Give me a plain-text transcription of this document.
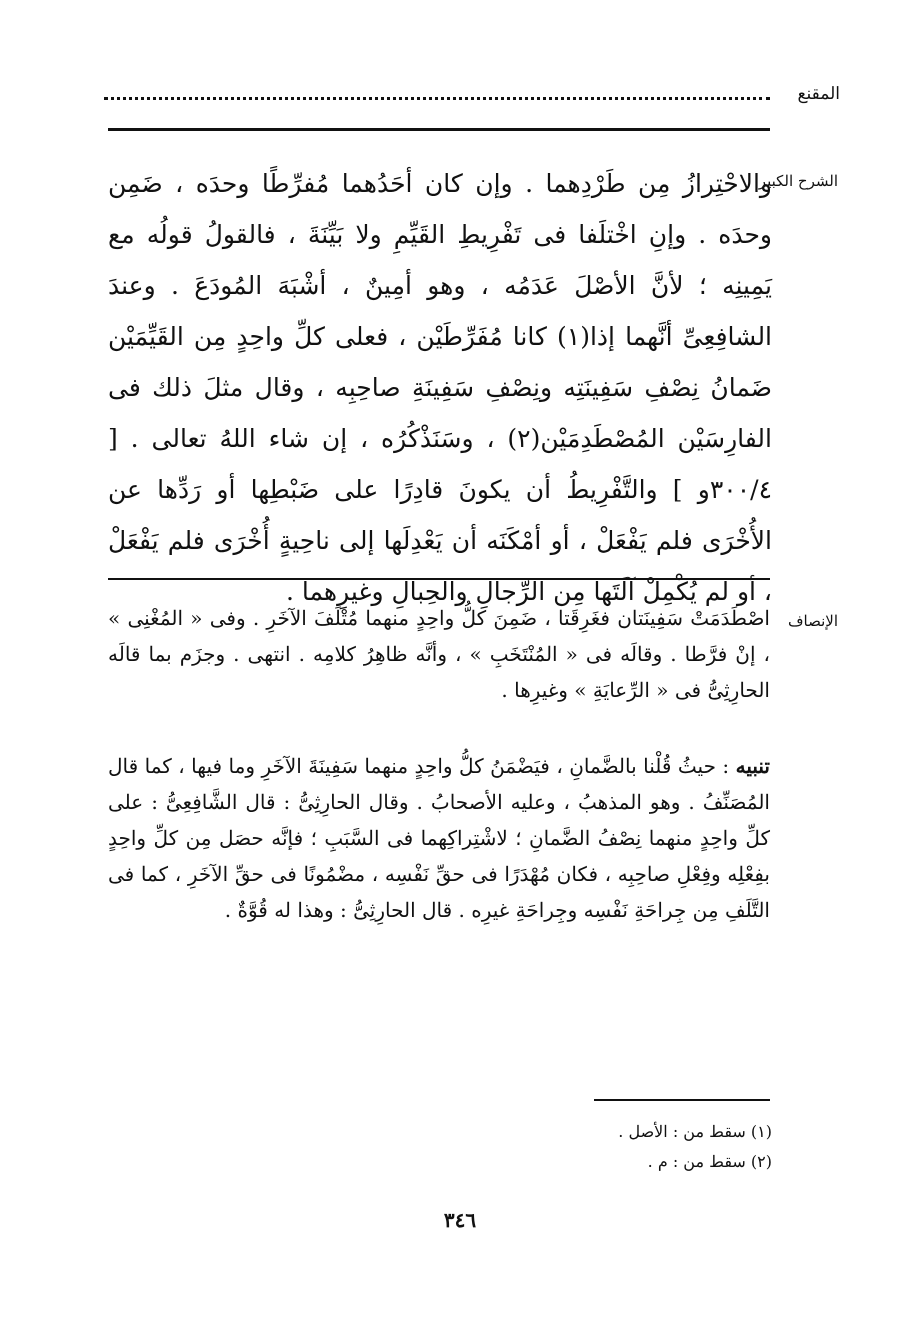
المقنع
الشرح الكبير
والاحْتِرازُ مِن طَرْدِهما . وإن كان أحَدُهما مُفرِّطًا وحدَه ، ضَمِن وحدَه . وإنِ اخْتلَفا فى تَفْرِيطِ القَيِّمِ ولا بَيِّنَةَ ، فالقولُ قولُه مع يَمِينِه ؛ لأنَّ الأصْلَ عَدَمُه ، وهو أمِينٌ ، أشْبَهَ المُودَعَ . وعندَ الشافِعِىِّ أنَّهما إذا(١) كانا مُفَرِّطَيْن ، فعلى كلِّ واحِدٍ مِن القَيِّمَيْن ضَمانُ نِصْفِ سَفِينَتِه ونِصْفِ سَفِينَةِ صاحِبِه ، وقال مثلَ ذلك فى الفارِسَيْن المُصْطَدِمَيْن(٢) ، وسَنَذْكُرُه ، إن شاء اللهُ تعالى . [ ٣٠٠/٤و ] والتَّفْرِيطُ أن يكونَ قادِرًا على ضَبْطِها أو رَدِّها عن الأُخْرَى فلم يَفْعَلْ ، أو أمْكَنَه أن يَعْدِلَها إلى ناحِيةٍ أُخْرَى فلم يَفْعَلْ ، أو لم يُكْمِلْ آلَتَها مِن الرِّجالِ والحِبالِ وغيرِهما .
الإنصاف
اصْطَدَمَتْ سَفِينَتان فغَرِقَتا ، ضَمِنَ كلُّ واحِدٍ منهما مُتْلَفَ الآخَرِ . وفى « المُغْنِى » ، إنْ فرَّطا . وقالَه فى « المُنْتَخَبِ » ، وأنَّه ظاهِرُ كلامِه . انتهى . وجزَم بما قالَه الحارِثِىُّ فى « الرِّعايَةِ » وغيرِها .
تنبيه : حيثُ قُلْنا بالضَّمانِ ، فيَضْمَنُ كلُّ واحِدٍ منهما سَفِينَةَ الآخَرِ وما فيها ، كما قال المُصَنِّفُ . وهو المذهبُ ، وعليه الأصحابُ . وقال الحارِثِىُّ : قال الشَّافِعِىُّ : على كلِّ واحِدٍ منهما نِصْفُ الضَّمانِ ؛ لاشْتِراكِهما فى السَّبَبِ ؛ فإنَّه حصَل مِن كلِّ واحِدٍ بفِعْلِه وفِعْلِ صاحِبِه ، فكان مُهْدَرًا فى حقِّ نَفْسِه ، مضْمُونًا فى حقِّ الآخَرِ ، كما فى التَّلَفِ مِن جِراحَةِ نَفْسِه وجِراحَةِ غيرِه . قال الحارِثِىُّ : وهذا له قُوَّةٌ .
(١) سقط من : الأصل .
(٢) سقط من : م .
٣٤٦
